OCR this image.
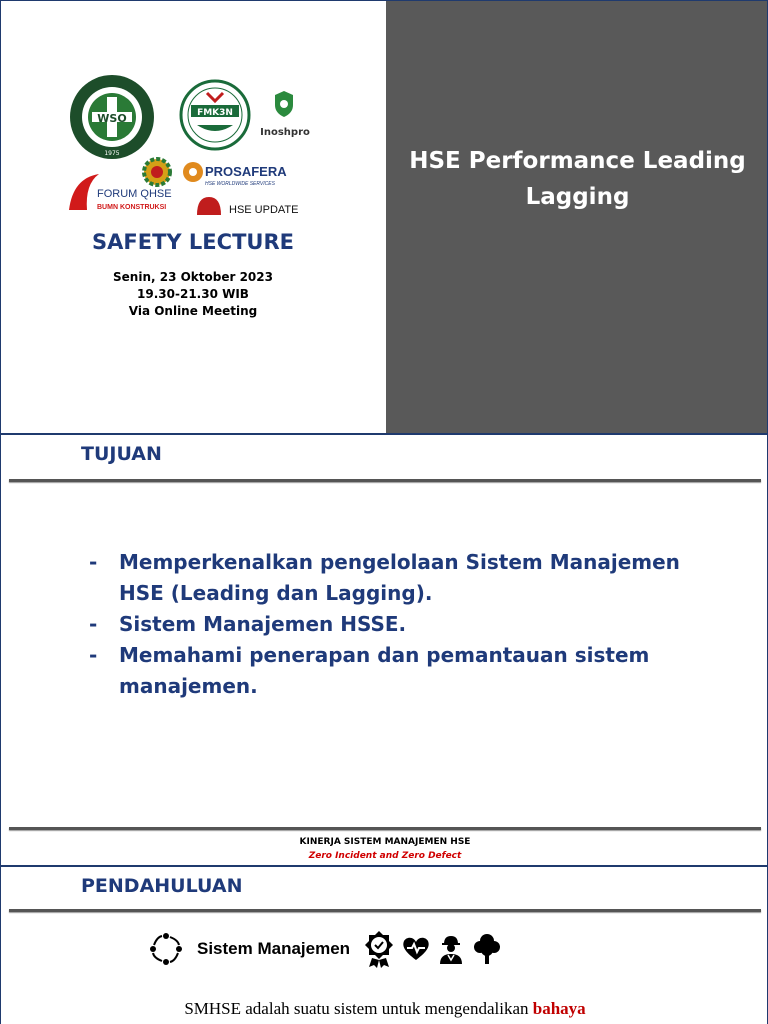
WSO
1975
FMK3N
Inoshpro
FORUM QHSE
BUMN KONSTRUKSI
PROSAFERA
HSE WORLDWIDE SERVICES
HSE UPDATE
SAFETY LECTURE
Senin, 23 Oktober 2023
19.30-21.30 WIB
Via Online Meeting
HSE Performance Leading
Lagging
TUJUAN
- Memperkenalkan pengelolaan Sistem Manajemen
HSE (Leading dan Lagging).
- Sistem Manajemen HSSE.
- Memahami penerapan dan pemantauan sistem
manajemen.
KINERJA SISTEM MANAJEMEN HSE
Zero Incident and Zero Defect
PENDAHULUAN
Sistem Manajemen
SMHSE adalah suatu sistem untuk mengendalikan bahaya
